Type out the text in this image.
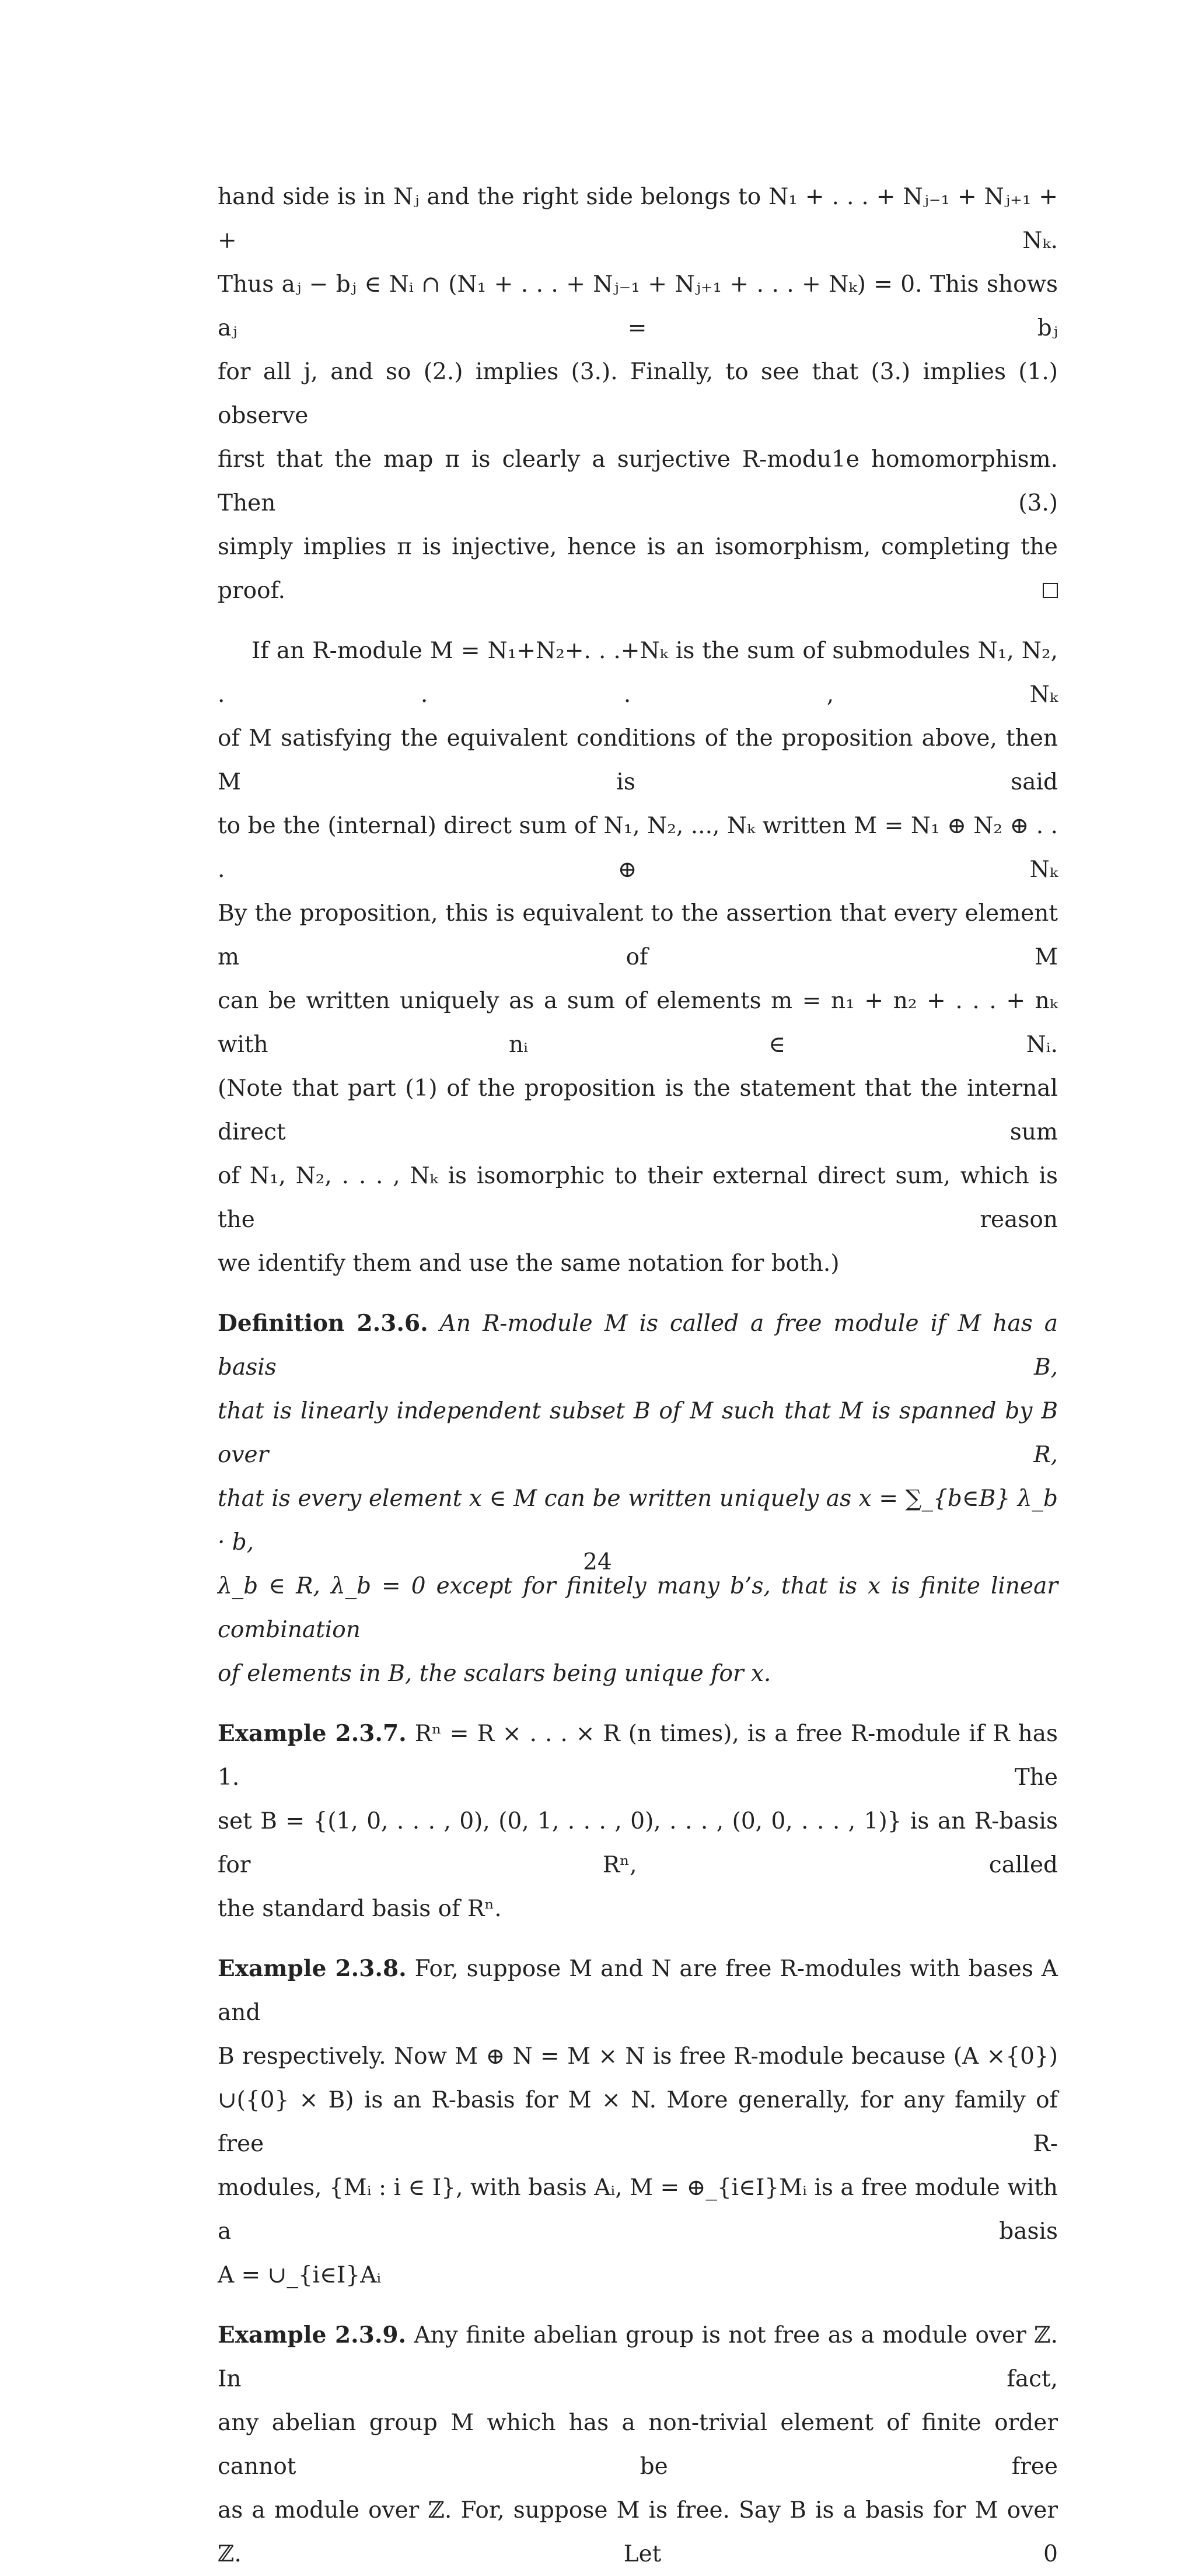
hand side is in Nⱼ and the right side belongs to N₁ + . . . + Nⱼ₋₁ + Nⱼ₊₁ + + Nₖ.
Thus aⱼ − bⱼ ∈ Nᵢ ∩ (N₁ + . . . + Nⱼ₋₁ + Nⱼ₊₁ + . . . + Nₖ) = 0. This shows aⱼ = bⱼ
for all j, and so (2.) implies (3.). Finally, to see that (3.) implies (1.) observe
first that the map π is clearly a surjective R-modu1e homomorphism. Then (3.)
simply implies π is injective, hence is an isomorphism, completing the proof.
If an R-module M = N₁+N₂+. . .+Nₖ is the sum of submodules N₁, N₂, . . . , Nₖ
of M satisfying the equivalent conditions of the proposition above, then M is said
to be the (internal) direct sum of N₁, N₂, ..., Nₖ written M = N₁ ⊕ N₂ ⊕ . . . ⊕ Nₖ
By the proposition, this is equivalent to the assertion that every element m of M
can be written uniquely as a sum of elements m = n₁ + n₂ + . . . + nₖ with nᵢ ∈ Nᵢ.
(Note that part (1) of the proposition is the statement that the internal direct sum
of N₁, N₂, . . . , Nₖ is isomorphic to their external direct sum, which is the reason
we identify them and use the same notation for both.)
Definition 2.3.6. An R-module M is called a free module if M has a basis B,
that is linearly independent subset B of M such that M is spanned by B over R,
that is every element x ∈ M can be written uniquely as x = ∑_{b∈B} λ_b · b,
λ_b ∈ R, λ_b = 0 except for finitely many b’s, that is x is finite linear combination
of elements in B, the scalars being unique for x.
Example 2.3.7. Rⁿ = R × . . . × R (n times), is a free R-module if R has 1. The
set B = {(1, 0, . . . , 0), (0, 1, . . . , 0), . . . , (0, 0, . . . , 1)} is an R-basis for Rⁿ, called
the standard basis of Rⁿ.
Example 2.3.8. For, suppose M and N are free R-modules with bases A and
B respectively. Now M ⊕ N = M × N is free R-module because (A ×{0})
∪({0} × B) is an R-basis for M × N. More generally, for any family of free R-
modules, {Mᵢ : i ∈ I}, with basis Aᵢ, M = ⊕_{i∈I}Mᵢ is a free module with a basis
A = ∪_{i∈I}Aᵢ
Example 2.3.9. Any finite abelian group is not free as a module over ℤ. In fact,
any abelian group M which has a non-trivial element of finite order cannot be free
as a module over ℤ. For, suppose M is free. Say B is a basis for M over ℤ. Let 0
24
